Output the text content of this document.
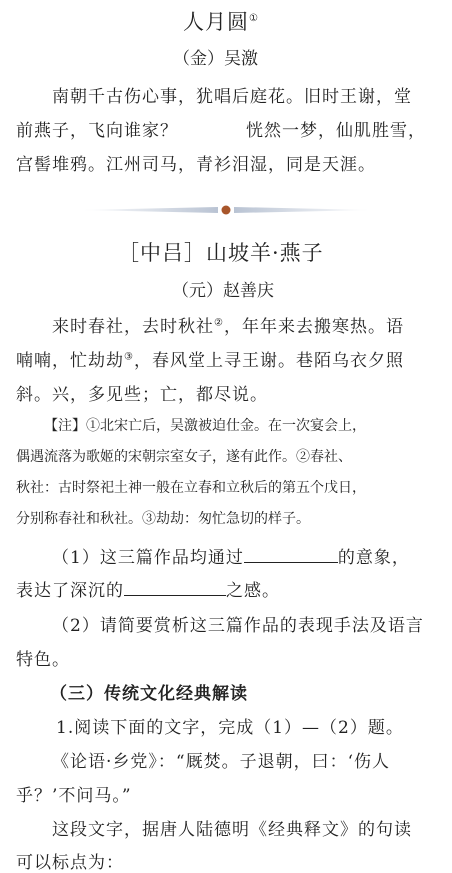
人月圆①
（金）吴激
南朝千古伤心事，犹唱后庭花。旧时王谢，堂
前燕子，飞向谁家？	恍然一梦，仙肌胜雪，
宫髻堆鸦。江州司马，青衫泪湿，同是天涯。
［中吕］山坡羊·燕子
（元）赵善庆
来时春社，去时秋社②，年年来去搬寒热。语
喃喃，忙劫劫③，春风堂上寻王谢。巷陌乌衣夕照
斜。兴，多见些；亡，都尽说。
【注】①北宋亡后，吴激被迫仕金。在一次宴会上，
偶遇流落为歌姬的宋朝宗室女子，遂有此作。②春社、
秋社：古时祭祀土神一般在立春和立秋后的第五个戊日，
分别称春社和秋社。③劫劫：匆忙急切的样子。
（1）这三篇作品均通过	的意象，
表达了深沉的	之感。
（2）请简要赏析这三篇作品的表现手法及语言
特色。
（三）传统文化经典解读
1.阅读下面的文字，完成（1）—（2）题。
《论语·乡党》：“厩焚。子退朝，曰：‘伤人
乎？’不问马。”
这段文字，据唐人陆德明《经典释文》的句读
可以标点为：
